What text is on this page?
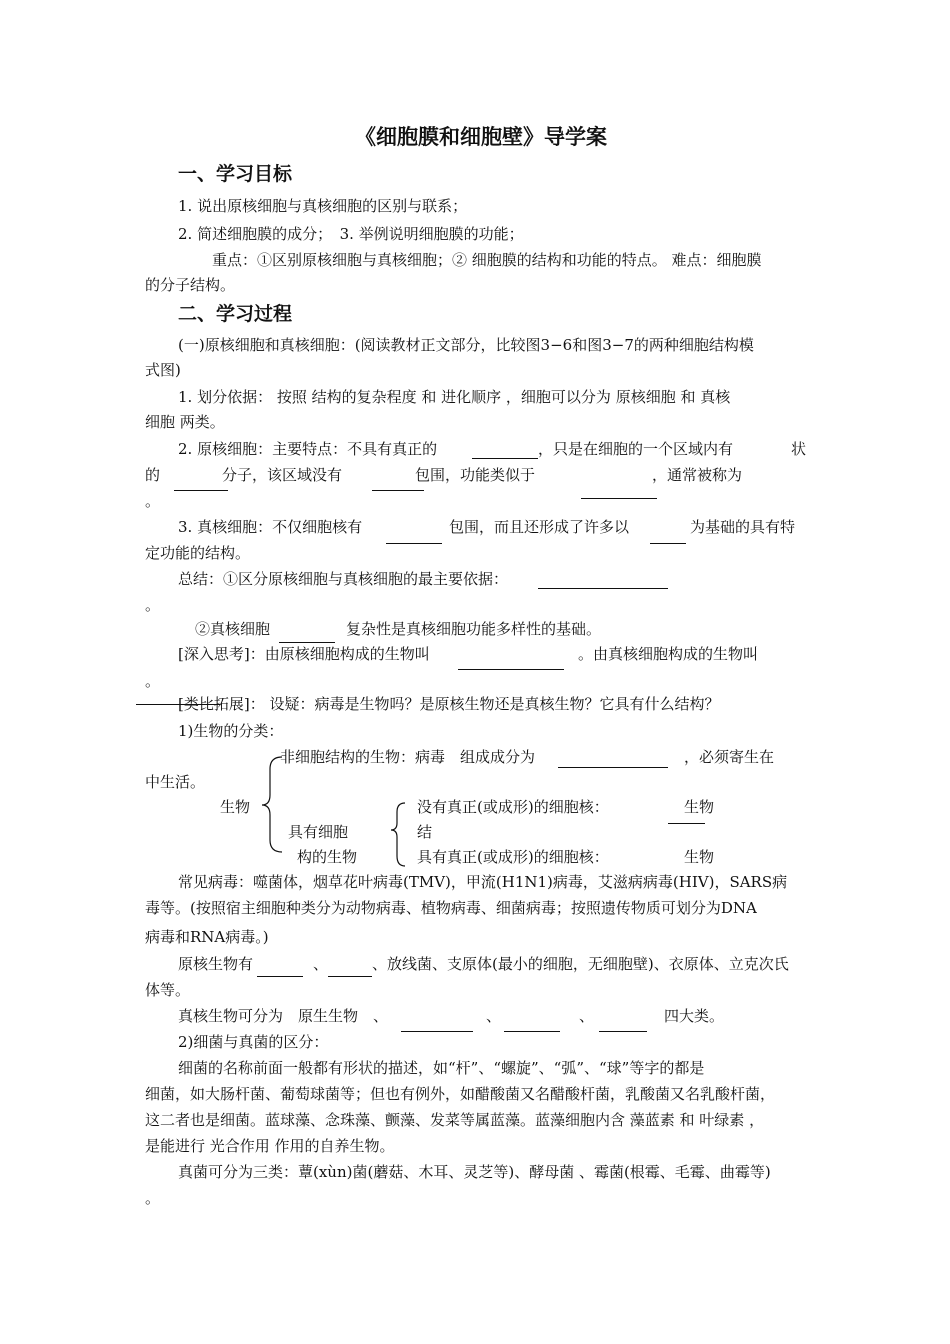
《细胞膜和细胞壁》导学案
一、学习目标
1. 说出原核细胞与真核细胞的区别与联系；
2. 简述细胞膜的成分；　3. 举例说明细胞膜的功能；
重点：①区别原核细胞与真核细胞；② 细胞膜的结构和功能的特点。 难点：细胞膜
的分子结构。
二、学习过程
(一)原核细胞和真核细胞：(阅读教材正文部分，比较图3−6和图3−7的两种细胞结构模
式图)
1. 划分依据： 按照 结构的复杂程度 和 进化顺序 ，细胞可以分为 原核细胞 和 真核
细胞 两类。
2. 原核细胞：主要特点：不具有真正的	，只是在细胞的一个区域内有	状
的	分子，该区域没有	包围，功能类似于	，通常被称为
。
3. 真核细胞：不仅细胞核有	包围，而且还形成了许多以	为基础的具有特
定功能的结构。
总结：①区分原核细胞与真核细胞的最主要依据：
。
②真核细胞	复杂性是真核细胞功能多样性的基础。
[深入思考]：由原核细胞构成的生物叫	。由真核细胞构成的生物叫
。
[类比拓展]： 设疑：病毒是生物吗？是原核生物还是真核生物？它具有什么结构？
1)生物的分类：
非细胞结构的生物：病毒　组成成分为	，必须寄生在
中生活。
生物
具有细胞
构的生物
没有真正(或成形)的细胞核：	生物
结
具有真正(或成形)的细胞核：	生物
常见病毒：噬菌体，烟草花叶病毒(TMV)，甲流(H1N1)病毒，艾滋病病毒(HIV)，SARS病
毒等。(按照宿主细胞种类分为动物病毒、植物病毒、细菌病毒；按照遗传物质可划分为DNA
病毒和RNA病毒。)
原核生物有	、	、放线菌、支原体(最小的细胞，无细胞壁)、衣原体、立克次氏
体等。
真核生物可分为　原生生物　、	、	、	四大类。
2)细菌与真菌的区分：
细菌的名称前面一般都有形状的描述，如“杆”、“螺旋”、“弧”、“球”等字的都是
细菌，如大肠杆菌、葡萄球菌等；但也有例外，如醋酸菌又名醋酸杆菌，乳酸菌又名乳酸杆菌，
这二者也是细菌。蓝球藻、念珠藻、颤藻、发菜等属蓝藻。蓝藻细胞内含 藻蓝素 和 叶绿素 ，
是能进行 光合作用 作用的自养生物。
真菌可分为三类：蕈(xùn)菌(蘑菇、木耳、灵芝等)、酵母菌 、霉菌(根霉、毛霉、曲霉等)
。
